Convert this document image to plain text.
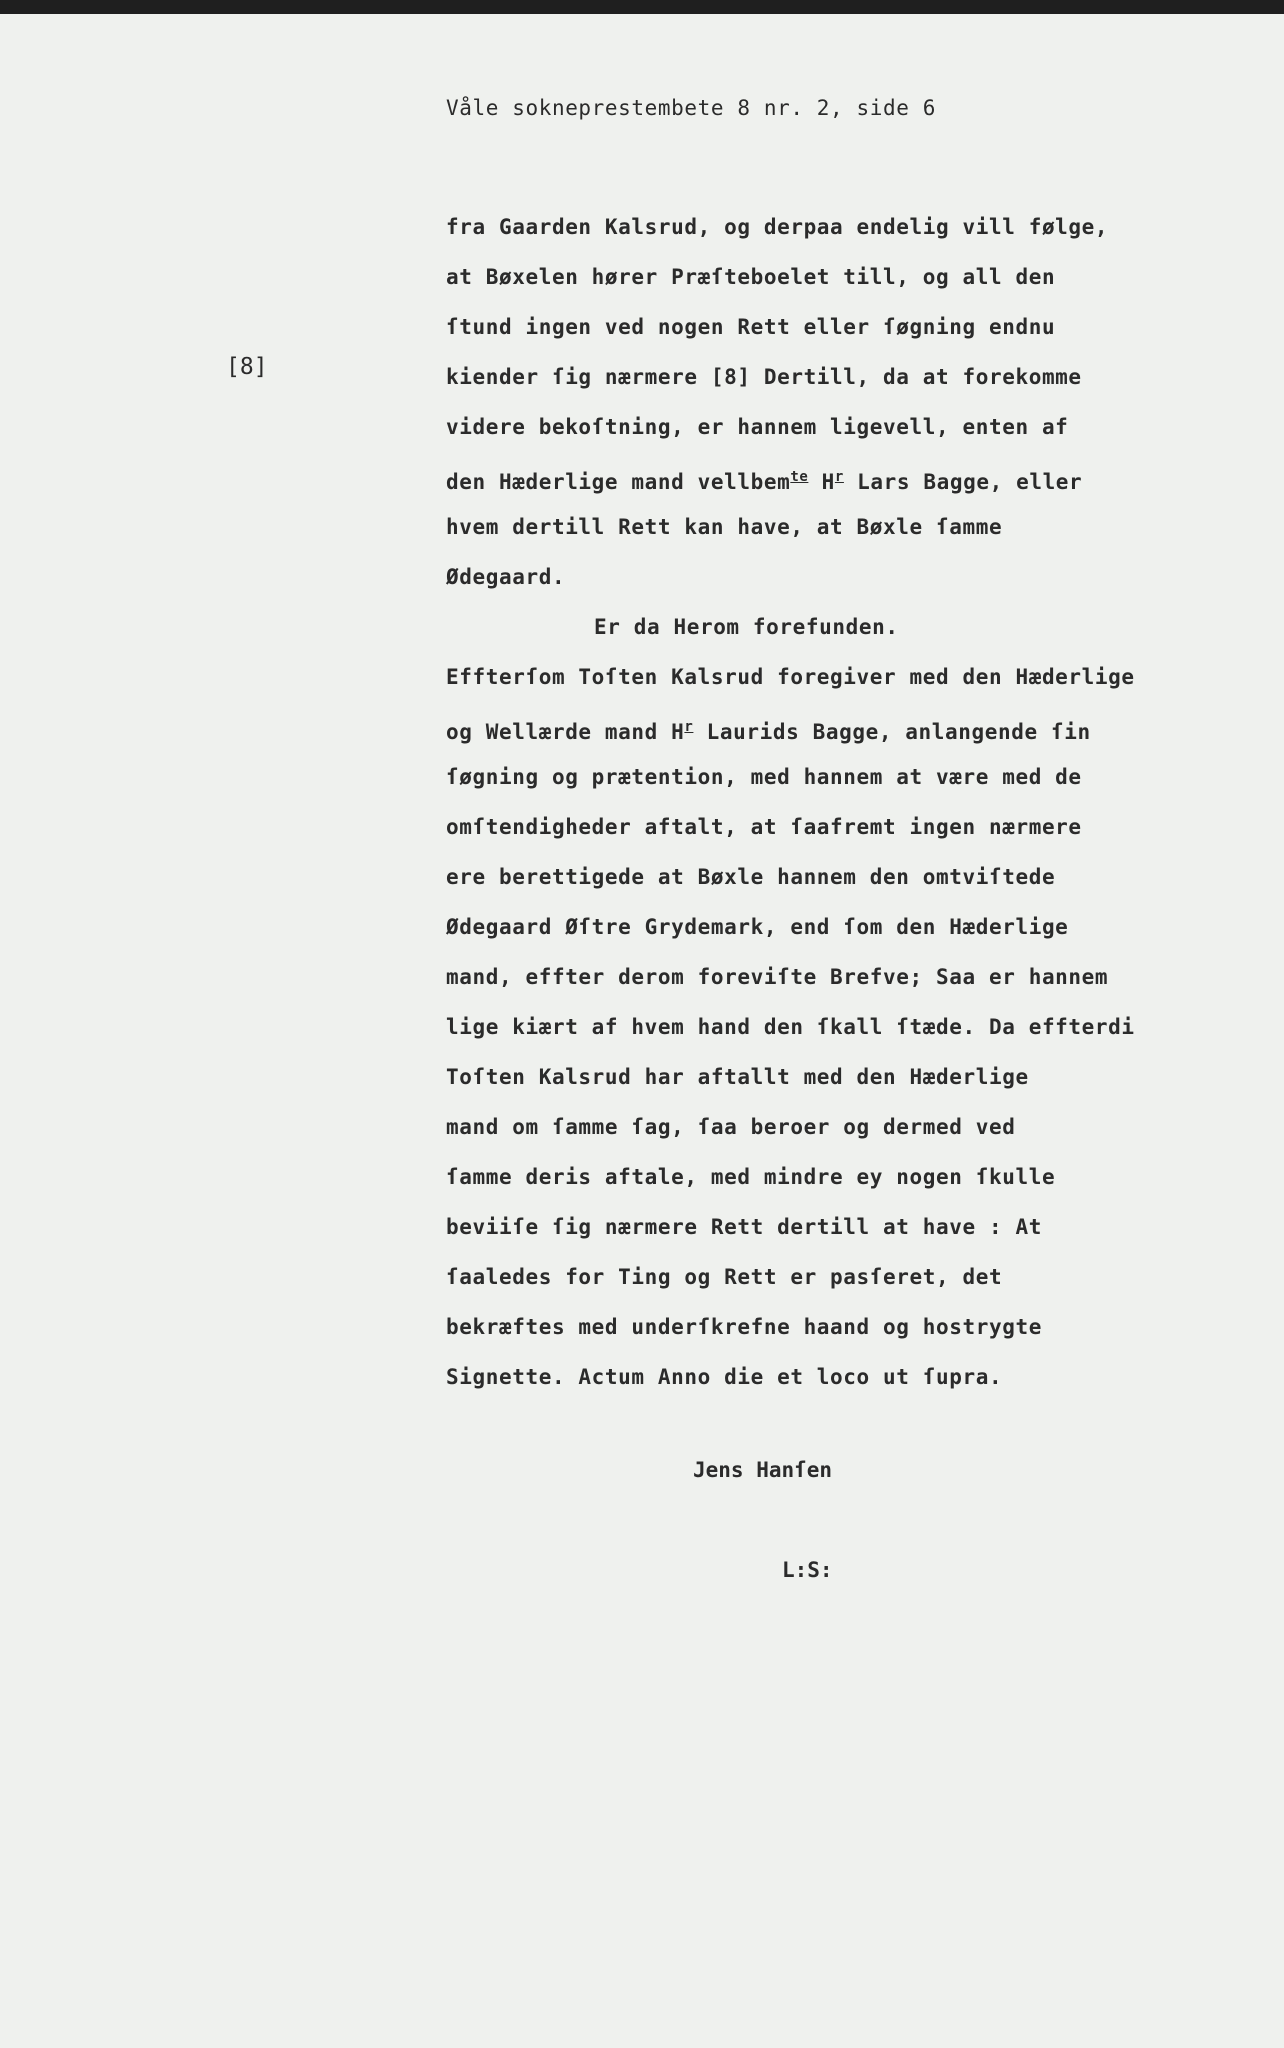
Våle sokneprestembete 8 nr. 2, side 6
[8]
fra Gaarden Kalsrud, og derpaa endelig vill følge,
at Bøxelen hører Præſteboelet till, og all den
ſtund ingen ved nogen Rett eller ſøgning endnu
kiender ſig nærmere [8] Dertill, da at forekomme
videre bekoſtning, er hannem ligevell, enten af
den Hæderlige mand vellbem$^{te}$ $H^r$ Lars Bagge, eller
hvem dertill Rett kan have, at Bøxle ſamme
Ødegaard.
Er da Herom forefunden.
Effterſom Toſten Kalsrud foregiver med den Hæderlige
og Wellærde mand $H^r$ Laurids Bagge, anlangende ſin
ſøgning og prætention, med hannem at være med de
omſtendigheder aftalt, at ſaafremt ingen nærmere
ere berettigede at Bøxle hannem den omtviſtede
Ødegaard Øſtre Grydemark, end ſom den Hæderlige
mand, effter derom foreviſte Brefve; Saa er hannem
lige kiært af hvem hand den ſkall ſtæde. Da effterdi
Toſten Kalsrud har aftallt med den Hæderlige
mand om ſamme ſag, ſaa beroer og dermed ved
ſamme deris aftale, med mindre ey nogen ſkulle
beviiſe ſig nærmere Rett dertill at have : At
ſaaledes for Ting og Rett er pasſeret, det
bekræftes med underſkrefne haand og hostrygte
Signette. Actum Anno die et loco ut ſupra.
Jens Hanſen
L:S:
